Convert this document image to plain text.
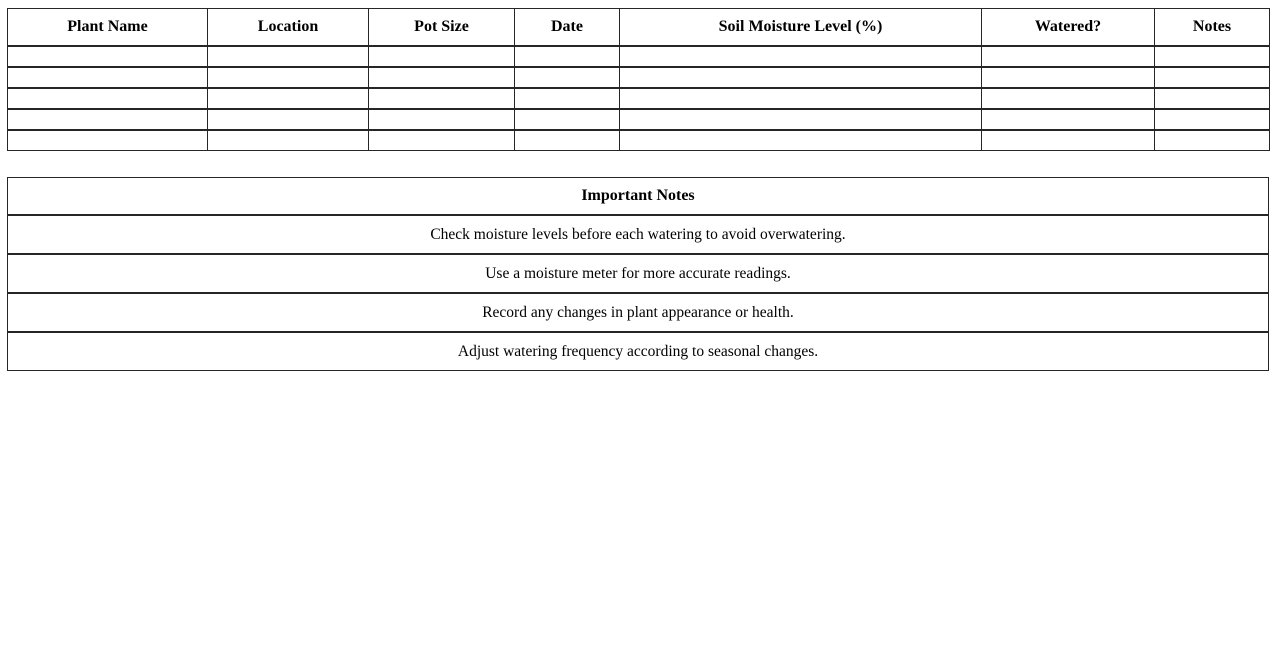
Plant Name	Location	Pot Size	Date	Soil Moisture Level (%)	Watered?	Notes

Important Notes
Check moisture levels before each watering to avoid overwatering.
Use a moisture meter for more accurate readings.
Record any changes in plant appearance or health.
Adjust watering frequency according to seasonal changes.
